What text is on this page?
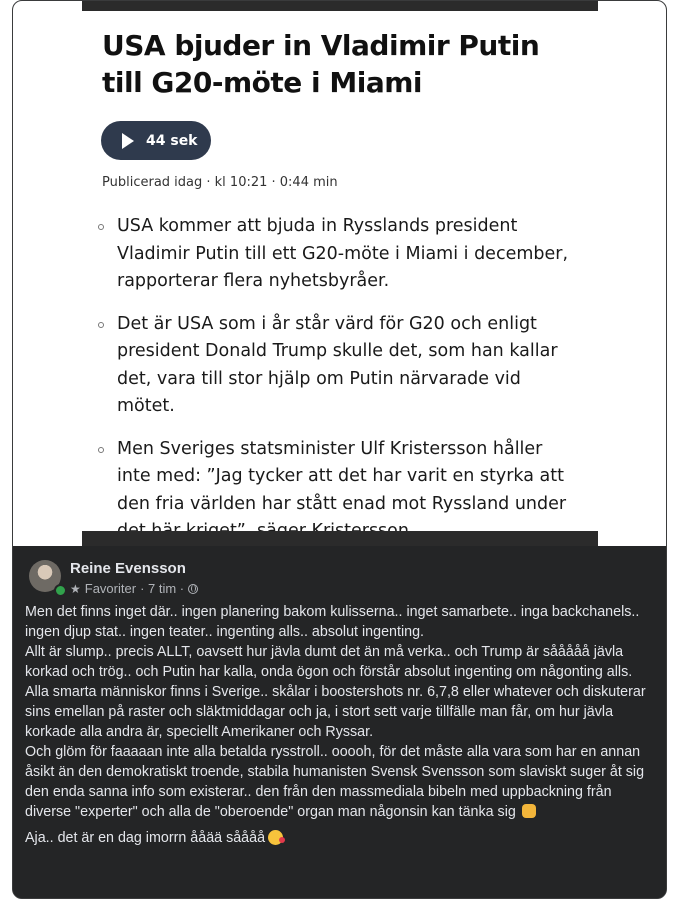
USA bjuder in Vladimir Putin till G20-möte i Miami
44 sek
Publicerad idag · kl 10:21 · 0:44 min
USA kommer att bjuda in Rysslands president Vladimir Putin till ett G20-möte i Miami i december, rapporterar flera nyhetsbyråer.
Det är USA som i år står värd för G20 och enligt president Donald Trump skulle det, som han kallar det, vara till stor hjälp om Putin närvarade vid mötet.
Men Sveriges statsminister Ulf Kristersson håller inte med: ”Jag tycker att det har varit en styrka att den fria världen har stått enad mot Ryssland under
Reine Evensson
★ Favoriter · 7 tim ·

Men det finns inget där.. ingen planering bakom kulisserna.. inget samarbete.. inga backchanels.. ingen djup stat.. ingen teater.. ingenting alls.. absolut ingenting.

Allt är slump.. precis ALLT, oavsett hur jävla dumt det än må verka.. och Trump är sååååå jävla korkad och trög.. och Putin har kalla, onda ögon och förstår absolut ingenting om någonting alls.

Alla smarta människor finns i Sverige.. skålar i boostershots nr. 6,7,8 eller whatever och diskuterar sins emellan på raster och släktmiddagar och ja, i stort sett varje tillfälle man får, om hur jävla korkade alla andra är, speciellt Amerikaner och Ryssar.

Och glöm för faaaaan inte alla betalda rysstroll.. ooooh, för det måste alla vara som har en annan åsikt än den demokratiskt troende, stabila humanisten Svensk Svensson som slaviskt suger åt sig den enda sanna info som existerar.. den från den massmediala bibeln med uppbackning från diverse "experter" och alla de "oberoende" organ man någonsin kan tänka sig

Aja.. det är en dag imorrn ååää såååå
